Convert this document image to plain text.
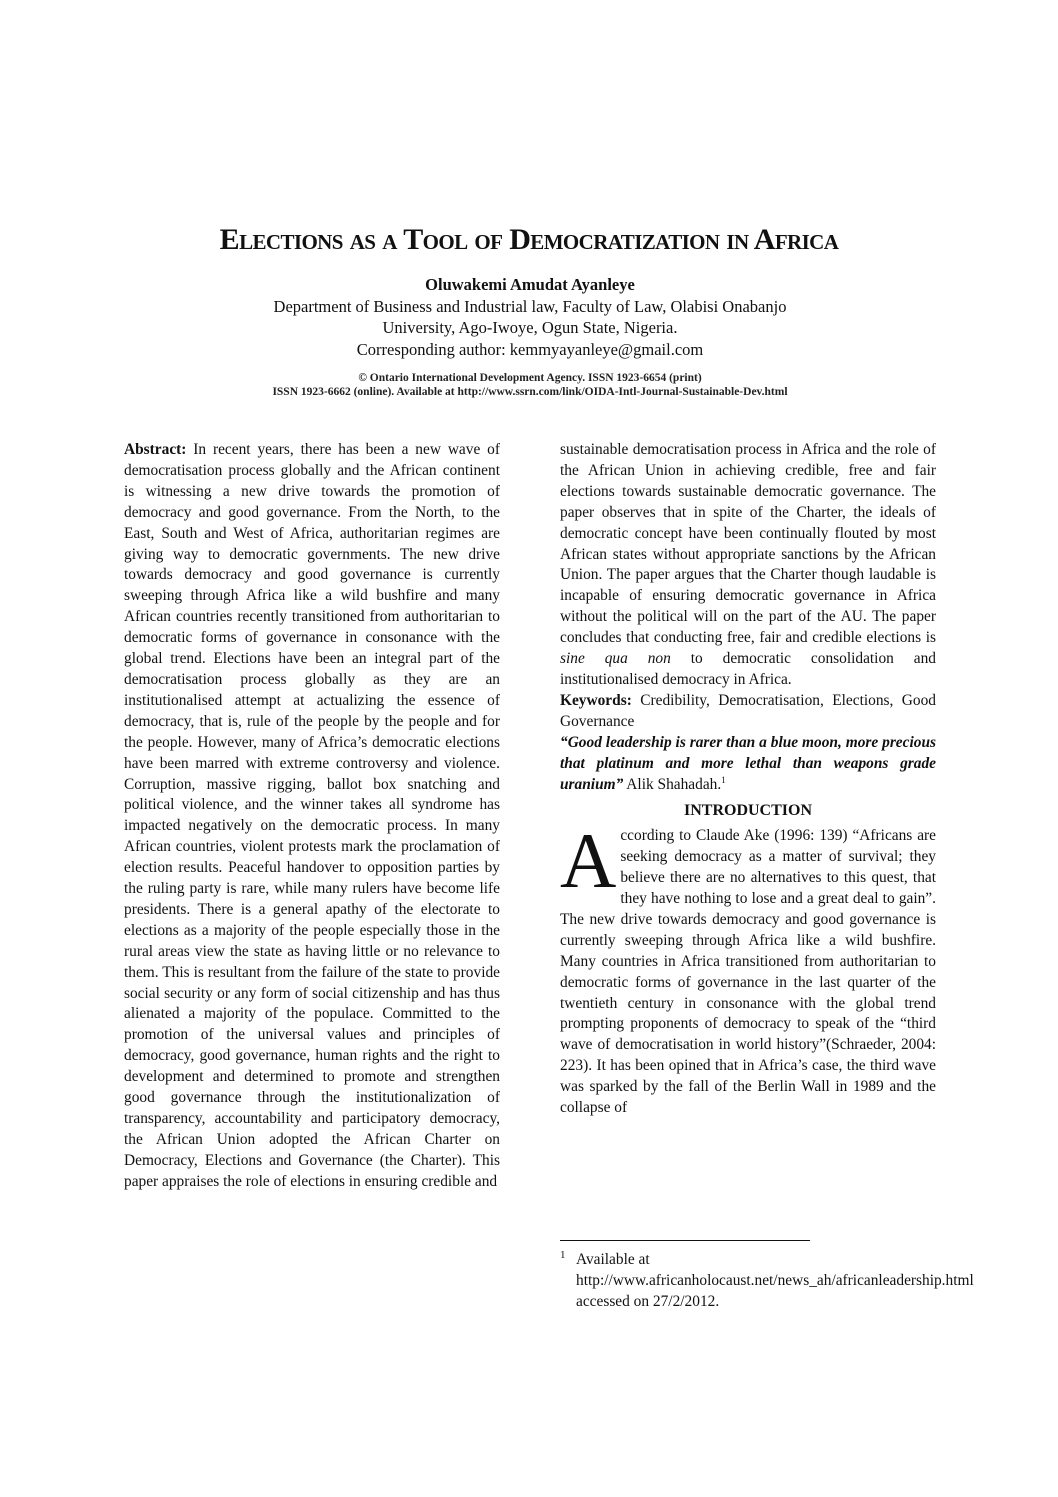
Elections as a Tool of Democratization in Africa
Oluwakemi Amudat Ayanleye
Department of Business and Industrial law, Faculty of Law, Olabisi Onabanjo
University, Ago-Iwoye, Ogun State, Nigeria.
Corresponding author: kemmyayanleye@gmail.com
© Ontario International Development Agency. ISSN 1923-6654 (print)
ISSN 1923-6662 (online). Available at http://www.ssrn.com/link/OIDA-Intl-Journal-Sustainable-Dev.html

Abstract: In recent years, there has been a new wave of democratisation process globally and the African continent is witnessing a new drive towards the promotion of democracy and good governance. From the North, to the East, South and West of Africa, authoritarian regimes are giving way to democratic governments. The new drive towards democracy and good governance is currently sweeping through Africa like a wild bushfire and many African countries recently transitioned from authoritarian to democratic forms of governance in consonance with the global trend. Elections have been an integral part of the democratisation process globally as they are an institutionalised attempt at actualizing the essence of democracy, that is, rule of the people by the people and for the people. However, many of Africa’s democratic elections have been marred with extreme controversy and violence. Corruption, massive rigging, ballot box snatching and political violence, and the winner takes all syndrome has impacted negatively on the democratic process. In many African countries, violent protests mark the proclamation of election results. Peaceful handover to opposition parties by the ruling party is rare, while many rulers have become life presidents. There is a general apathy of the electorate to elections as a majority of the people especially those in the rural areas view the state as having little or no relevance to them. This is resultant from the failure of the state to provide social security or any form of social citizenship and has thus alienated a majority of the populace. Committed to the promotion of the universal values and principles of democracy, good governance, human rights and the right to development and determined to promote and strengthen good governance through the institutionalization of transparency, accountability and participatory democracy, the African Union adopted the African Charter on Democracy, Elections and Governance (the Charter). This paper appraises the role of elections in ensuring credible and

sustainable democratisation process in Africa and the role of the African Union in achieving credible, free and fair elections towards sustainable democratic governance. The paper observes that in spite of the Charter, the ideals of democratic concept have been continually flouted by most African states without appropriate sanctions by the African Union. The paper argues that the Charter though laudable is incapable of ensuring democratic governance in Africa without the political will on the part of the AU. The paper concludes that conducting free, fair and credible elections is sine qua non to democratic consolidation and institutionalised democracy in Africa.

Keywords: Credibility, Democratisation, Elections, Good Governance

“Good leadership is rarer than a blue moon, more precious that platinum and more lethal than weapons grade uranium” Alik Shahadah.$^1$

INTRODUCTION

According to Claude Ake (1996: 139) “Africans are seeking democracy as a matter of survival; they believe there are no alternatives to this quest, that they have nothing to lose and a great deal to gain”. The new drive towards democracy and good governance is currently sweeping through Africa like a wild bushfire. Many countries in Africa transitioned from authoritarian to democratic forms of governance in the last quarter of the twentieth century in consonance with the global trend prompting proponents of democracy to speak of the “third wave of democratisation in world history”(Schraeder, 2004: 223). It has been opined that in Africa’s case, the third wave was sparked by the fall of the Berlin Wall in 1989 and the collapse of

1 Available at http://www.africanholocaust.net/news_ah/africanleadership.html accessed on 27/2/2012.
